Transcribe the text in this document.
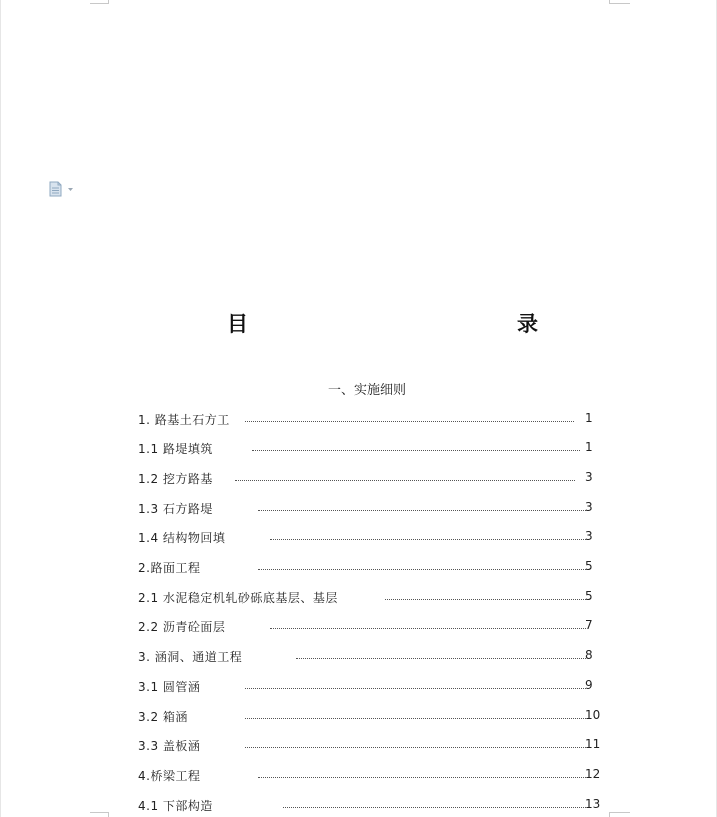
目	录
一、实施细则
1. 路基土石方工	1
1.1 路堤填筑	1
1.2 挖方路基	3
1.3 石方路堤	3
1.4 结构物回填	3
2.路面工程	5
2.1 水泥稳定机轧砂砾底基层、基层	5
2.2 沥青砼面层	7
3. 涵洞、通道工程	8
3.1 圆管涵	9
3.2 箱涵	10
3.3 盖板涵	11
4.桥梁工程	12
4.1 下部构造	13
